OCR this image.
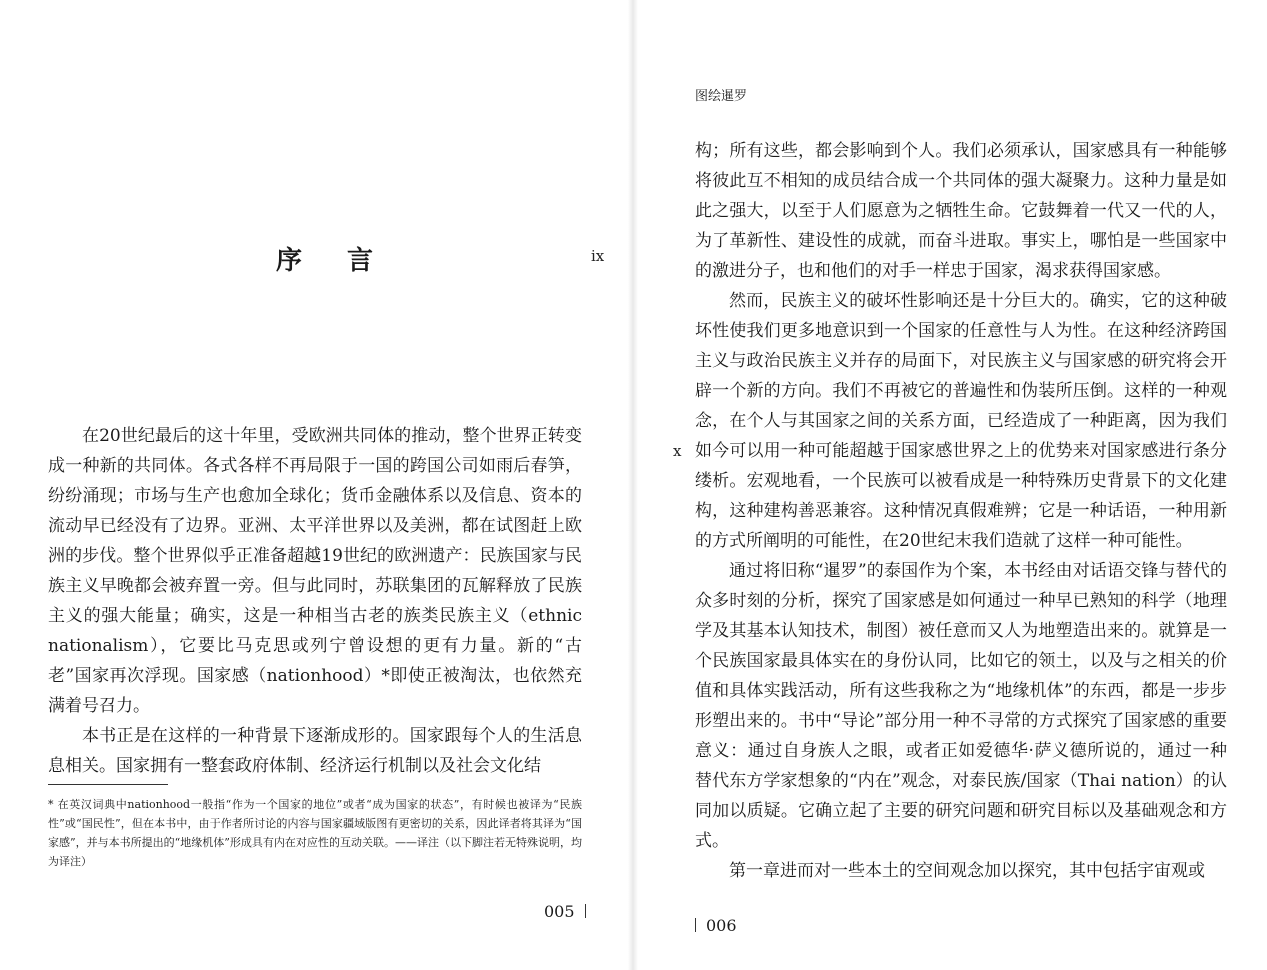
序 言	ix

在20世纪最后的这十年里，受欧洲共同体的推动，整个世界正转变成一种新的共同体。各式各样不再局限于一国的跨国公司如雨后春笋，纷纷涌现；市场与生产也愈加全球化；货币金融体系以及信息、资本的流动早已经没有了边界。亚洲、太平洋世界以及美洲，都在试图赶上欧洲的步伐。整个世界似乎正准备超越19世纪的欧洲遗产：民族国家与民族主义早晚都会被弃置一旁。但与此同时，苏联集团的瓦解释放了民族主义的强大能量；确实，这是一种相当古老的族类民族主义（ethnic nationalism），它要比马克思或列宁曾设想的更有力量。新的“古老”国家再次浮现。国家感（nationhood）*即使正被淘汰，也依然充满着号召力。

本书正是在这样的一种背景下逐渐成形的。国家跟每个人的生活息息相关。国家拥有一整套政府体制、经济运行机制以及社会文化结

* 在英汉词典中nationhood一般指“作为一个国家的地位”或者“成为国家的状态”，有时候也被译为“民族性”或“国民性”，但在本书中，由于作者所讨论的内容与国家疆域版图有更密切的关系，因此译者将其译为“国家感”，并与本书所提出的“地缘机体”形成具有内在对应性的互动关联。——译注（以下脚注若无特殊说明，均为译注）
005
图绘暹罗
x

构；所有这些，都会影响到个人。我们必须承认，国家感具有一种能够将彼此互不相知的成员结合成一个共同体的强大凝聚力。这种力量是如此之强大，以至于人们愿意为之牺牲生命。它鼓舞着一代又一代的人，为了革新性、建设性的成就，而奋斗进取。事实上，哪怕是一些国家中的激进分子，也和他们的对手一样忠于国家，渴求获得国家感。

然而，民族主义的破坏性影响还是十分巨大的。确实，它的这种破坏性使我们更多地意识到一个国家的任意性与人为性。在这种经济跨国主义与政治民族主义并存的局面下，对民族主义与国家感的研究将会开辟一个新的方向。我们不再被它的普遍性和伪装所压倒。这样的一种观念，在个人与其国家之间的关系方面，已经造成了一种距离，因为我们如今可以用一种可能超越于国家感世界之上的优势来对国家感进行条分缕析。宏观地看，一个民族可以被看成是一种特殊历史背景下的文化建构，这种建构善恶兼容。这种情况真假难辨；它是一种话语，一种用新的方式所阐明的可能性，在20世纪末我们造就了这样一种可能性。

通过将旧称“暹罗”的泰国作为个案，本书经由对话语交锋与替代的众多时刻的分析，探究了国家感是如何通过一种早已熟知的科学（地理学及其基本认知技术，制图）被任意而又人为地塑造出来的。就算是一个民族国家最具体实在的身份认同，比如它的领土，以及与之相关的价值和具体实践活动，所有这些我称之为“地缘机体”的东西，都是一步步形塑出来的。书中“导论”部分用一种不寻常的方式探究了国家感的重要意义：通过自身族人之眼，或者正如爱德华·萨义德所说的，通过一种替代东方学家想象的“内在”观念，对泰民族/国家（Thai nation）的认同加以质疑。它确立起了主要的研究问题和研究目标以及基础观念和方式。

第一章进而对一些本土的空间观念加以探究，其中包括宇宙观或

006
